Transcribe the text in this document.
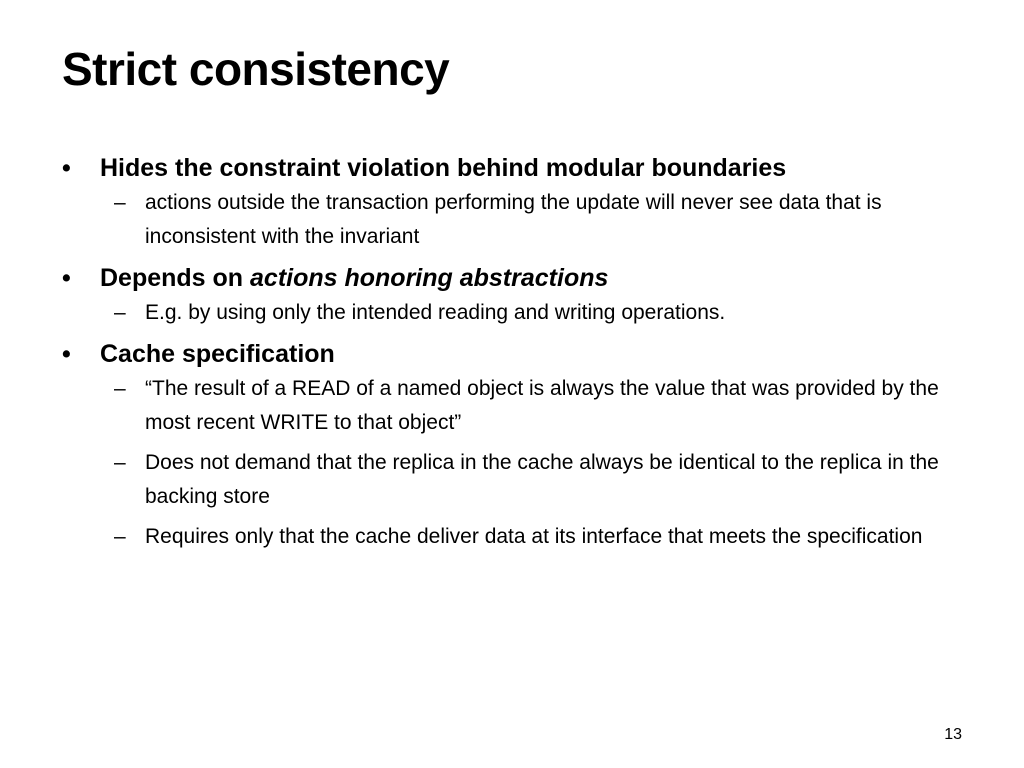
Strict consistency
• Hides the constraint violation behind modular boundaries
– actions outside the transaction performing the update will never see data that is inconsistent with the invariant
• Depends on actions honoring abstractions
– E.g. by using only the intended reading and writing operations.
• Cache specification
– “The result of a READ of a named object is always the value that was provided by the most recent WRITE to that object”
– Does not demand that the replica in the cache always be identical to the replica in the backing store
– Requires only that the cache deliver data at its interface that meets the specification
13
